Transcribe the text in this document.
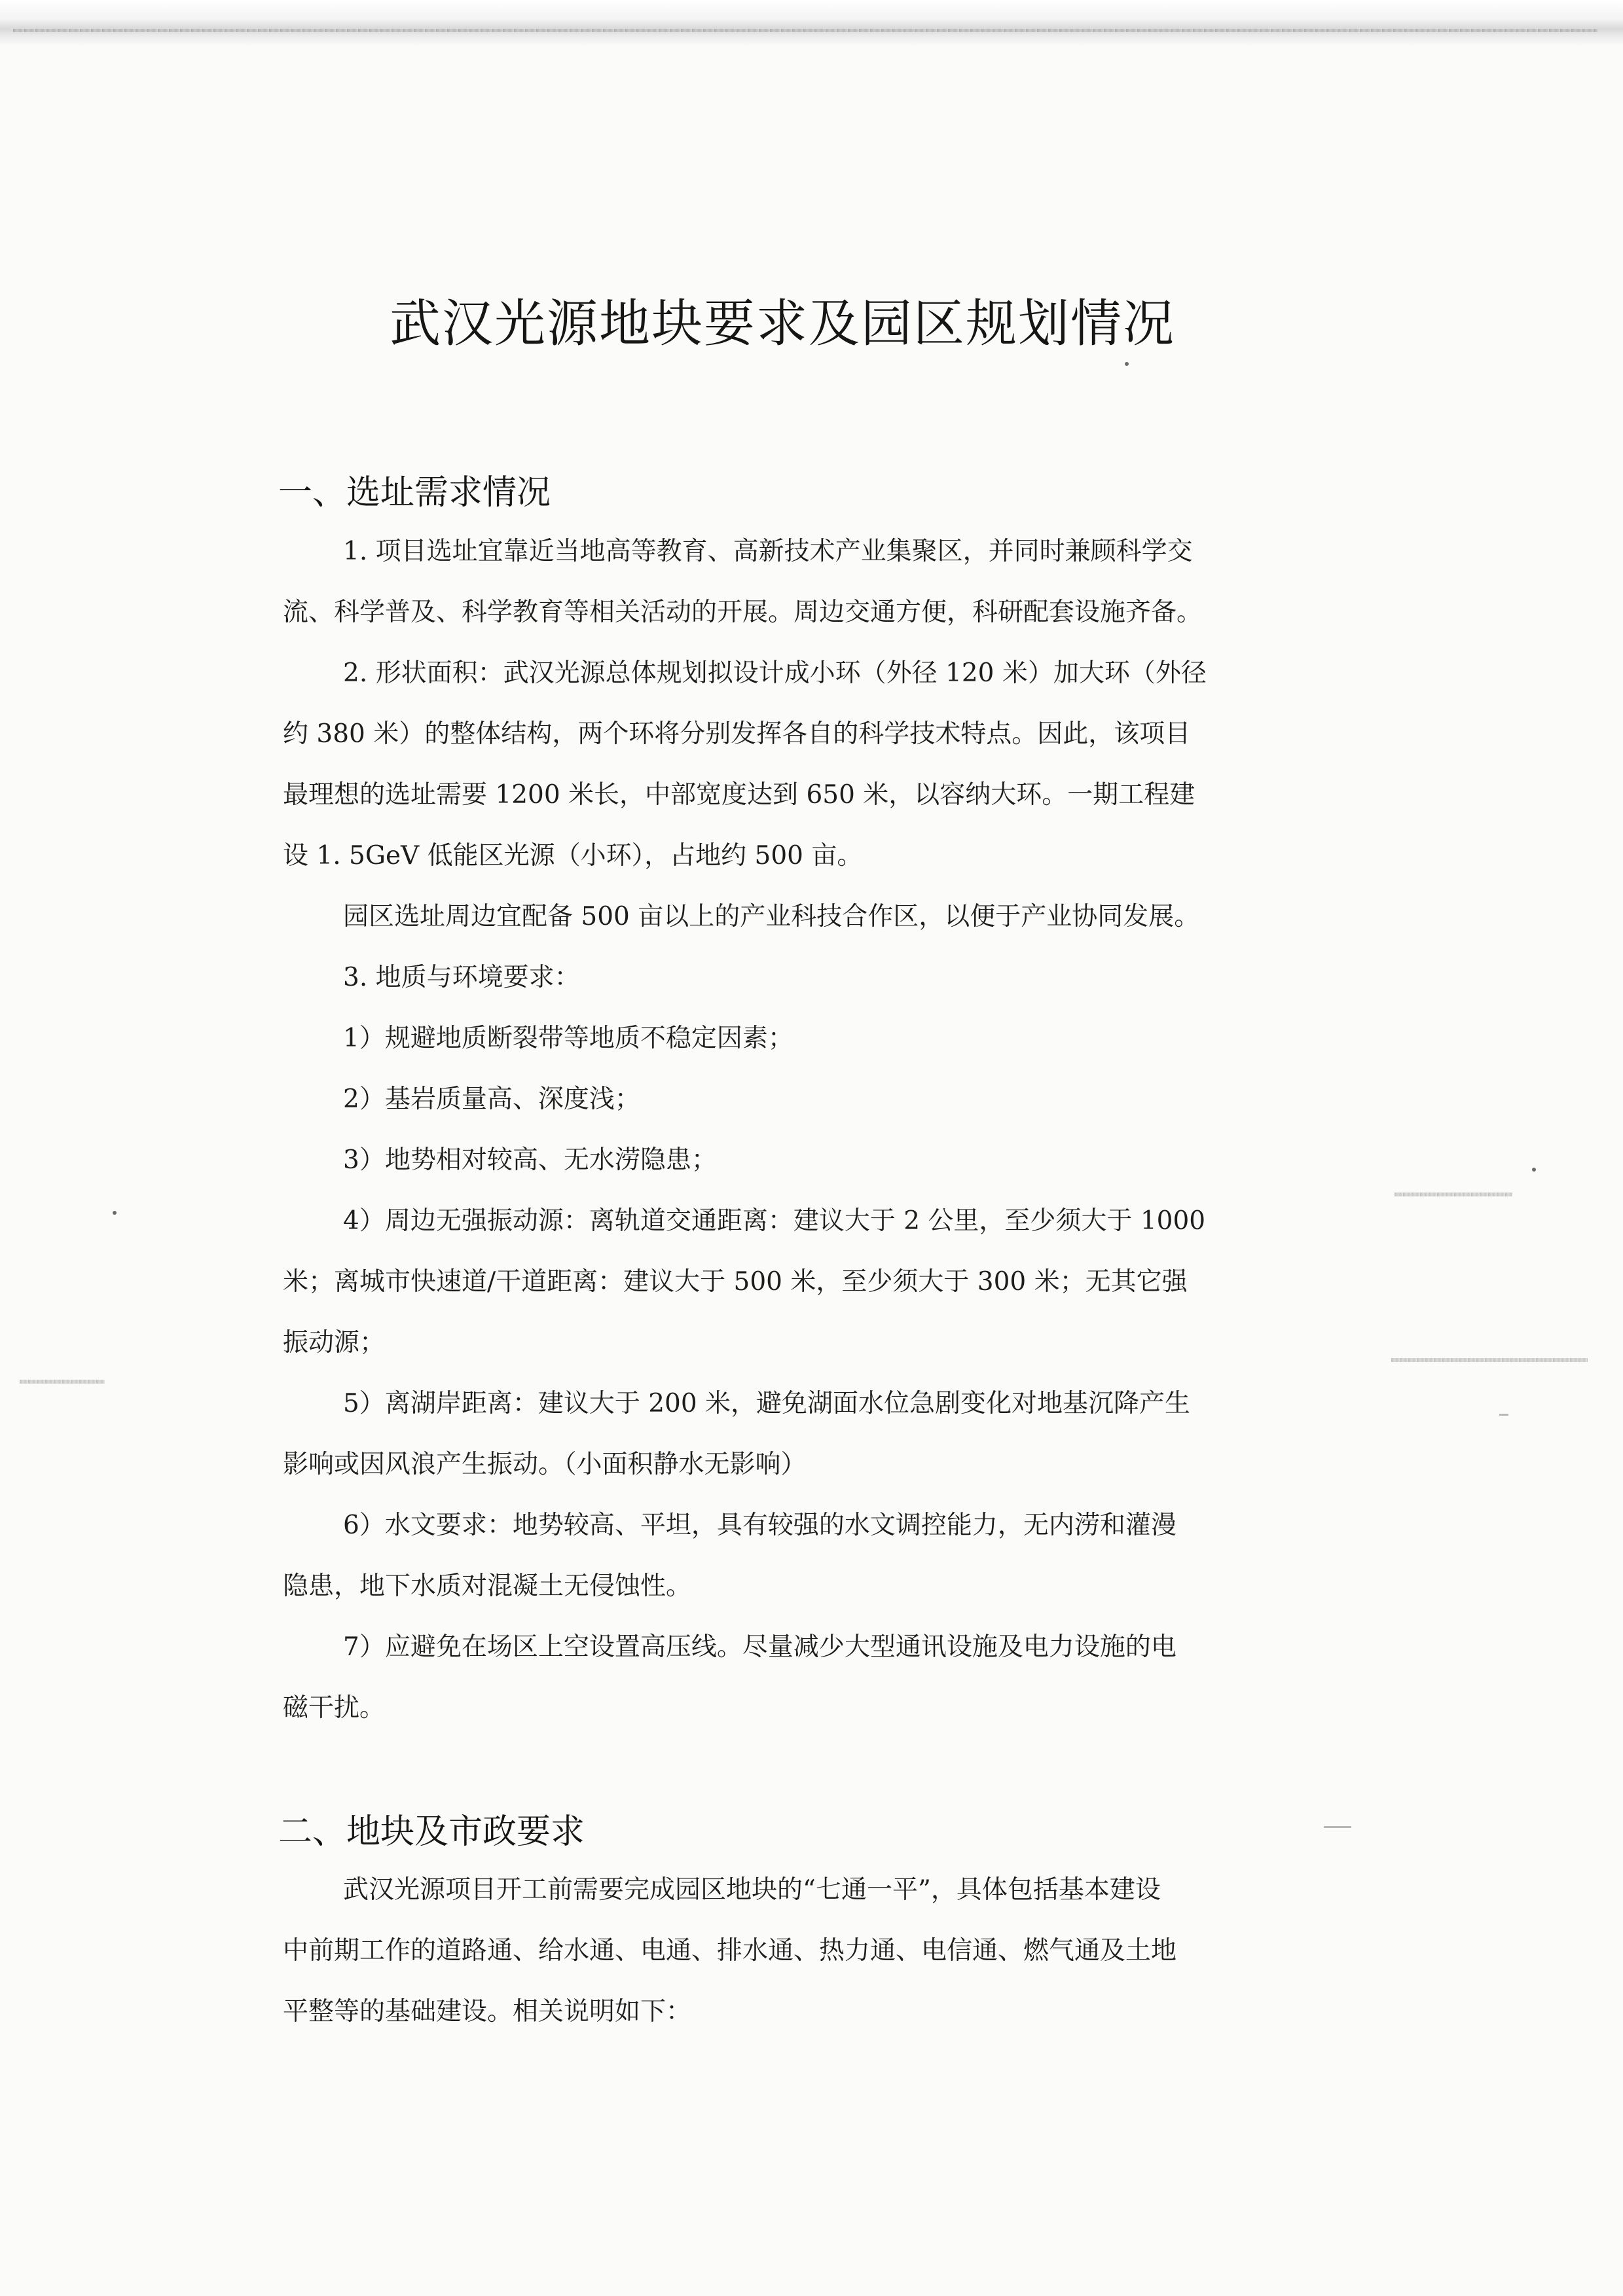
武汉光源地块要求及园区规划情况
一、选址需求情况
1. 项目选址宜靠近当地高等教育、高新技术产业集聚区，并同时兼顾科学交
流、科学普及、科学教育等相关活动的开展。周边交通方便，科研配套设施齐备。
2. 形状面积：武汉光源总体规划拟设计成小环（外径 120 米）加大环（外径
约 380 米）的整体结构，两个环将分别发挥各自的科学技术特点。因此，该项目
最理想的选址需要 1200 米长，中部宽度达到 650 米，以容纳大环。一期工程建
设 1. 5GeV 低能区光源（小环），占地约 500 亩。
园区选址周边宜配备 500 亩以上的产业科技合作区，以便于产业协同发展。
3. 地质与环境要求：
1）规避地质断裂带等地质不稳定因素；
2）基岩质量高、深度浅；
3）地势相对较高、无水涝隐患；
4）周边无强振动源：离轨道交通距离：建议大于 2 公里，至少须大于 1000
米；离城市快速道/干道距离：建议大于 500 米，至少须大于 300 米；无其它强
振动源；
5）离湖岸距离：建议大于 200 米，避免湖面水位急剧变化对地基沉降产生
影响或因风浪产生振动。（小面积静水无影响）
6）水文要求：地势较高、平坦，具有较强的水文调控能力，无内涝和灌漫
隐患，地下水质对混凝土无侵蚀性。
7）应避免在场区上空设置高压线。尽量减少大型通讯设施及电力设施的电
磁干扰。
二、地块及市政要求
武汉光源项目开工前需要完成园区地块的“七通一平”，具体包括基本建设
中前期工作的道路通、给水通、电通、排水通、热力通、电信通、燃气通及土地
平整等的基础建设。相关说明如下：
